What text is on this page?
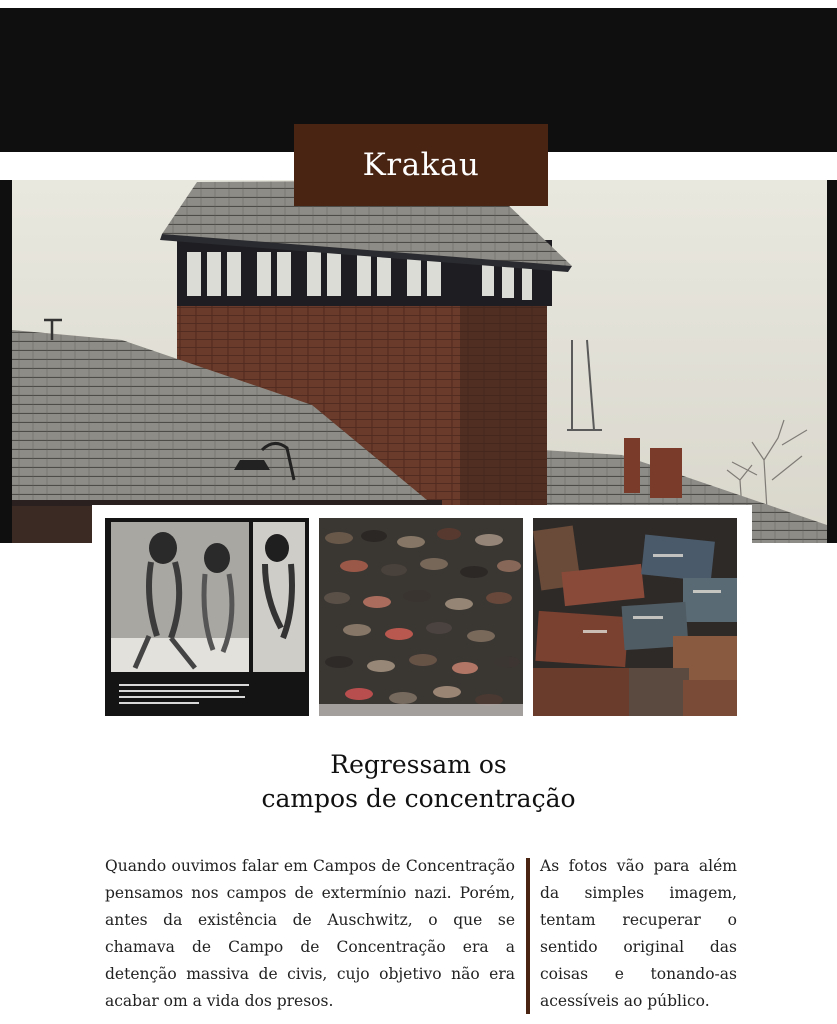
Krakau
Regressam os
campos de concentração
Quando ouvimos falar em Campos de Concentração pensamos nos campos de extermínio nazi. Porém, antes da existência de Auschwitz, o que se chamava de Campo de Concentração era a detenção massiva de civis, cujo objetivo não era acabar om a vida dos presos.
As fotos vão para além da simples imagem, tentam recuperar o sentido original das coisas e tonando-as acessíveis ao público.
